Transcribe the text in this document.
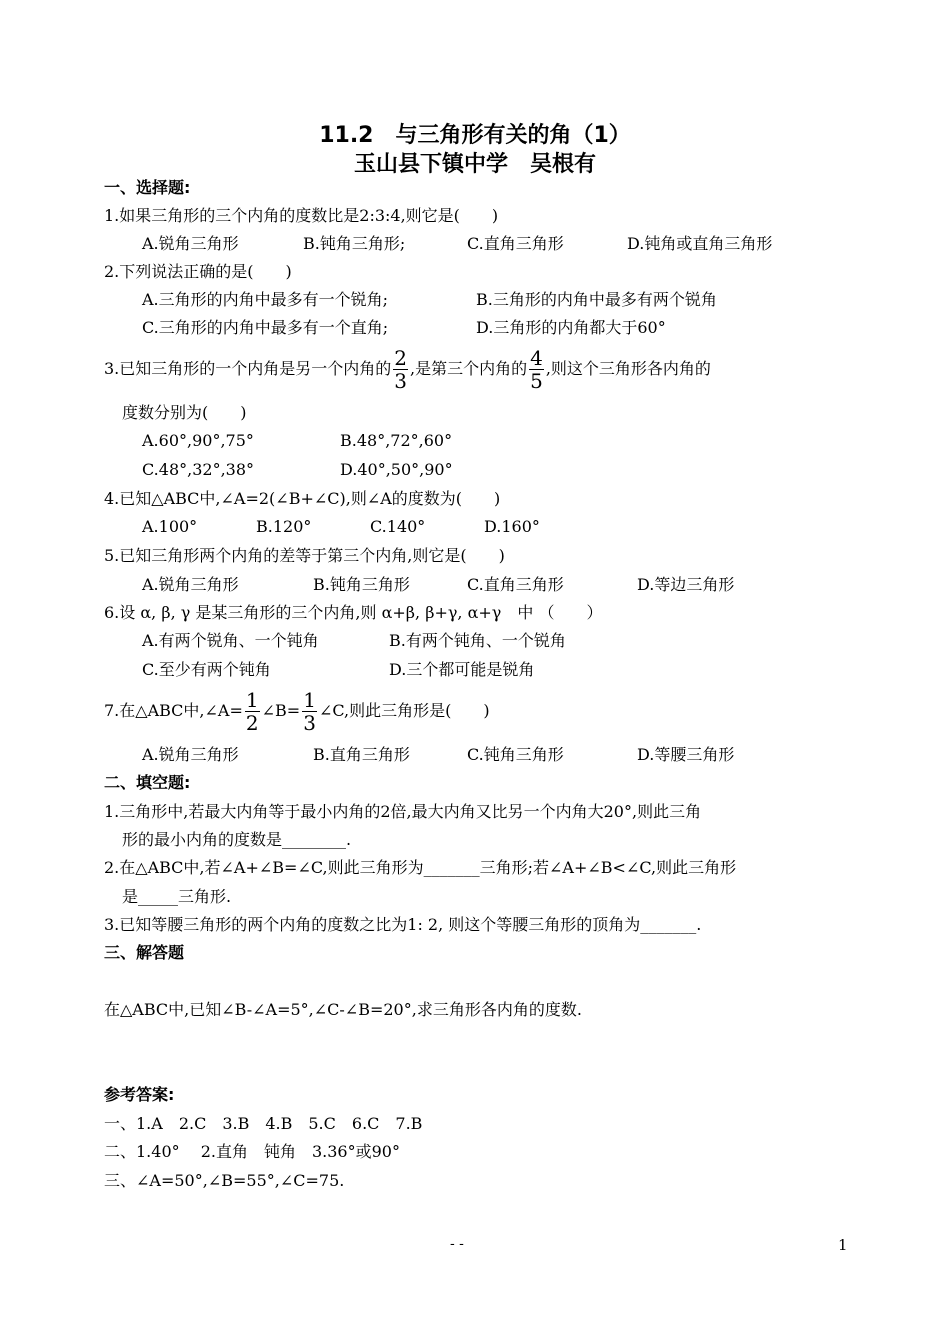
11.2　与三角形有关的角（1）
玉山县下镇中学　吴根有
一、选择题:
1.如果三角形的三个内角的度数比是2:3:4,则它是(　　)
A.锐角三角形	B.钝角三角形;	C.直角三角形	D.钝角或直角三角形
2.下列说法正确的是(　　)
A.三角形的内角中最多有一个锐角;	B.三角形的内角中最多有两个锐角
C.三角形的内角中最多有一个直角;	D.三角形的内角都大于60°
3.已知三角形的一个内角是另一个内角的 $\frac{2}{3}$ ,是第三个内角的 $\frac{4}{5}$ ,则这个三角形各内角的
度数分别为(　　)
A.60°,90°,75°	B.48°,72°,60°
C.48°,32°,38°	D.40°,50°,90°
4.已知△ABC中,∠A=2(∠B+∠C),则∠A的度数为(　　)
A.100°	B.120°	C.140°	D.160°
5.已知三角形两个内角的差等于第三个内角,则它是(　　)
A.锐角三角形	B.钝角三角形	C.直角三角形	D.等边三角形
6.设 α, β, γ 是某三角形的三个内角,则 α+β, β+γ, α+γ　中 （　　）
A.有两个锐角、一个钝角	B.有两个钝角、一个锐角
C.至少有两个钝角	D.三个都可能是锐角
7.在△ABC中,∠A= $\frac{1}{2}$ ∠B= $\frac{1}{3}$ ∠C,则此三角形是(　　)
A.锐角三角形	B.直角三角形	C.钝角三角形	D.等腰三角形
二、填空题:
1.三角形中,若最大内角等于最小内角的2倍,最大内角又比另一个内角大20°,则此三角
形的最小内角的度数是________.
2.在△ABC中,若∠A+∠B=∠C,则此三角形为_______三角形;若∠A+∠B<∠C,则此三角形
是_____三角形.
3.已知等腰三角形的两个内角的度数之比为1: 2, 则这个等腰三角形的顶角为_______.
三、解答题
在△ABC中,已知∠B-∠A=5°,∠C-∠B=20°,求三角形各内角的度数.
参考答案:
一、1.A　2.C　3.B　4.B　5.C　6.C　7.B
二、1.40°　 2.直角　钝角　3.36°或90°
三、∠A=50°,∠B=55°,∠C=75.
- -	1
